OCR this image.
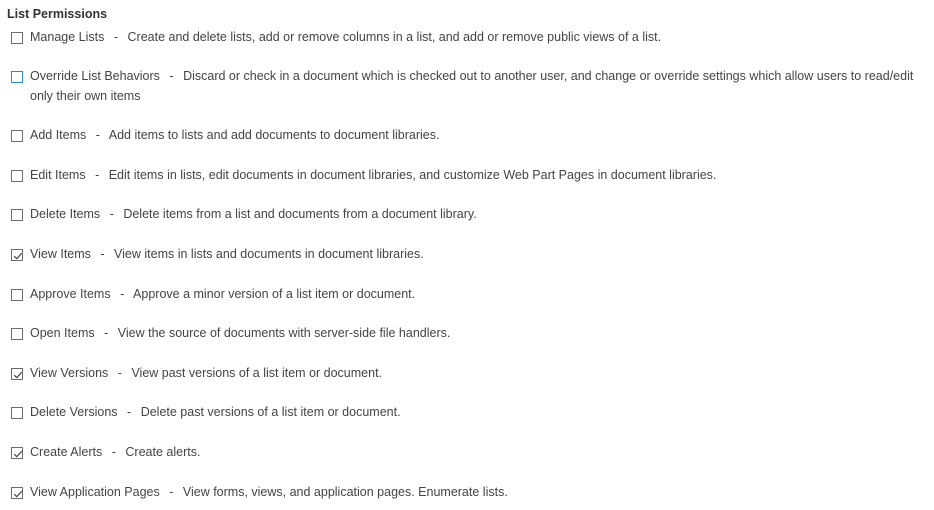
List Permissions
Manage Lists - Create and delete lists, add or remove columns in a list, and add or remove public views of a list.
Override List Behaviors - Discard or check in a document which is checked out to another user, and change or override settings which allow users to read/edit only their own items
Add Items - Add items to lists and add documents to document libraries.
Edit Items - Edit items in lists, edit documents in document libraries, and customize Web Part Pages in document libraries.
Delete Items - Delete items from a list and documents from a document library.
View Items - View items in lists and documents in document libraries.
Approve Items - Approve a minor version of a list item or document.
Open Items - View the source of documents with server-side file handlers.
View Versions - View past versions of a list item or document.
Delete Versions - Delete past versions of a list item or document.
Create Alerts - Create alerts.
View Application Pages - View forms, views, and application pages. Enumerate lists.
